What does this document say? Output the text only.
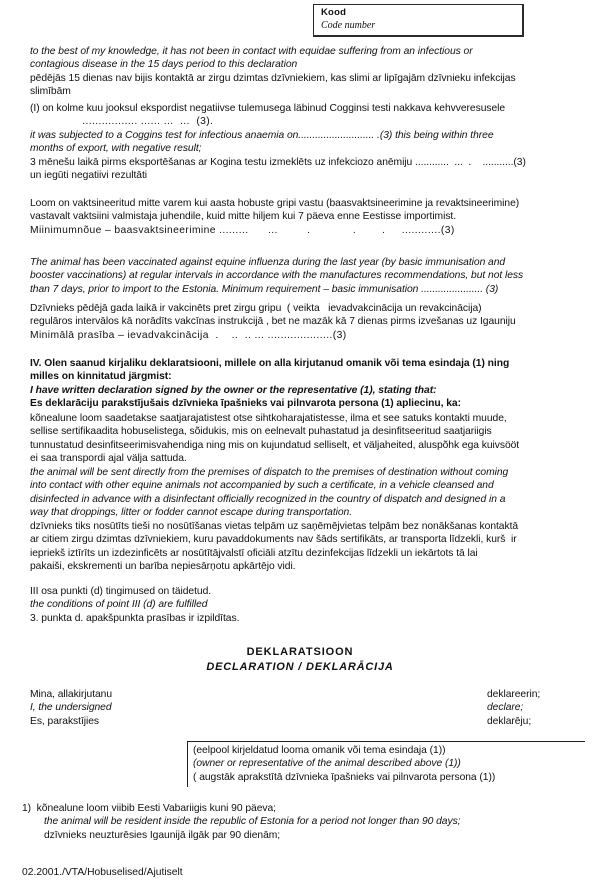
Kood
Code number
to the best of my knowledge, it has not been in contact with equidae suffering from an infectious or
contagious disease in the 15 days period to this declaration
pēdējās 15 dienas nav bijis kontaktā ar zirgu dzimtas dzīvniekiem, kas slimi ar lipīgajām dzīvnieku infekcijas
slimībām
(I) on kolme kuu jooksul ekspordist negatiivse tulemusega läbinud Cogginsi testi nakkava kehvveresusele
................. ...... ...  ...  (3).
it was subjected to a Coggins test for infectious anaemia on........................... .(3) this being within three
months of export, with negative result;
3 mēnešu laikā pirms eksportēšanas ar Kogina testu izmeklēts uz infekciozo anēmiju ............  ...  .    ...........(3)
un iegūti negatiivi rezultāti
Loom on vaktsineeritud mitte varem kui aasta hobuste gripi vastu (baasvaktsineerimine ja revaktsineerimine)
vastavalt vaktsiini valmistaja juhendile, kuid mitte hiljem kui 7 päeva enne Eestisse importimist.
Miinimumnõue – baasvaktsineerimine .........      ...         .             .        .     ............(3)
The animal has been vaccinated against equine influenza during the last year (by basic immunisation and
booster vaccinations) at regular intervals in accordance with the manufactures recommendations, but not less
than 7 days, prior to import to the Estonia. Minimum requirement – basic immunisation ...................... (3)
Dzīvnieks pēdējā gada laikā ir vakcinēts pret zirgu gripu  ( veikta   ievadvakcinācija un revakcinācija)
regulāros intervālos kā norādīts vakcīnas instrukcijā , bet ne mazāk kā 7 dienas pirms izvešanas uz Igauniju
Minimālā prasība – ievadvakcinācija  .    ..  .. ... ....................(3)
IV. Olen saanud kirjaliku deklaratsiooni, millele on alla kirjutanud omanik või tema esindaja (1) ning
milles on kinnitatud järgmist:
I have written declaration signed by the owner or the representative (1), stating that:
Es deklarāciju parakstījušais dzīvnieka īpašnieks vai pilnvarota persona (1) apliecinu, ka:
kõnealune loom saadetakse saatjarajatistest otse sihtkoharajatistesse, ilma et see satuks kontakti muude,
sellise sertifikaadita hobuselistega, sõidukis, mis on eelnevalt puhastatud ja desinfitseeritud saatjariigis
tunnustatud desinfitseerimisvahendiga ning mis on kujundatud selliselt, et väljaheited, aluspõhk ega kuivsööt
ei saa transpordi ajal välja sattuda.
the animal will be sent directly from the premises of dispatch to the premises of destination without coming
into contact with other equine animals not accompanied by such a certificate, in a vehicle cleansed and
disinfected in advance with a disinfectant officially recognized in the country of dispatch and designed in a
way that droppings, litter or fodder cannot escape during transportation.
dzīvnieks tiks nosūtīts tieši no nosūtīšanas vietas telpām uz saņēmējvietas telpām bez nonākšanas kontaktā
ar citiem zirgu dzimtas dzīvniekiem, kuru pavaddokuments nav šāds sertifikāts, ar transporta līdzekli, kurš  ir
iepriekš iztīrīts un izdezinficēts ar nosūtītājvalstī oficiāli atzītu dezinfekcijas līdzekli un iekārtots tā lai
pakaiši, ekskrementi un barība nepiesārņotu apkārtējo vidi.
III osa punkti (d) tingimused on täidetud.
the conditions of point III (d) are fulfilled
3. punkta d. apakšpunkta prasības ir izpildītas.
DEKLARATSIOON
DECLARATION / DEKLARĀCIJA
Mina, allakirjutanu
I, the undersigned
Es, parakstījies
deklareerin;
declare;
deklarēju;
(eelpool kirjeldatud looma omanik või tema esindaja (1))
(owner or representative of the animal described above (1))
( augstāk aprakstītā dzīvnieka īpašnieks vai pilnvarota persona (1))
1)  kõnealune loom viibib Eesti Vabariigis kuni 90 päeva;
the animal will be resident inside the republic of Estonia for a period not longer than 90 days;
dzīvnieks neuzturēsies Igaunijā ilgāk par 90 dienām;
02.2001./VTA/Hobuselised/Ajutiselt
